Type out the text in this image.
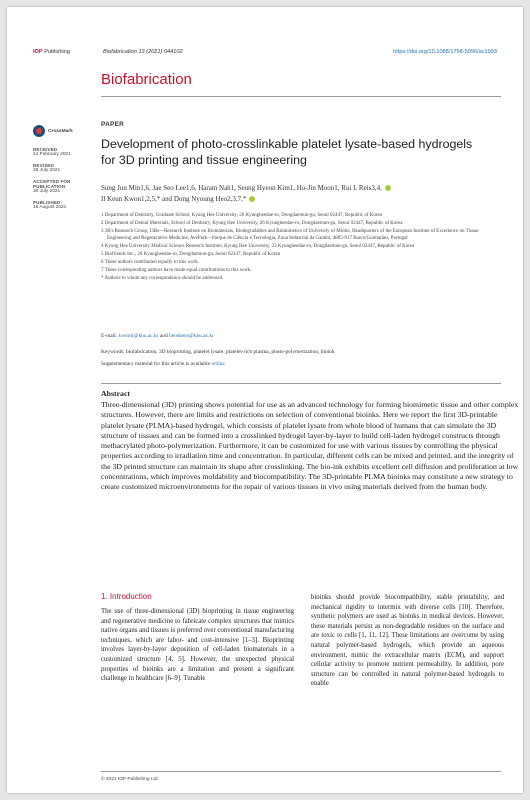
IOP Publishing	Biofabrication 13 (2021) 044102	https://doi.org/10.1088/1758-5090/ac1993
Biofabrication
CrossMark
RECEIVED
14 February 2021
REVISED
26 July 2021
ACCEPTED FOR PUBLICATION
30 July 2021
PUBLISHED
16 August 2021
PAPER
Development of photo-crosslinkable platelet lysate-based hydrogels for 3D printing and tissue engineering
Sung Jun Min1,6, Jae Seo Lee1,6, Haram Nah1, Seung Hyeon Kim1, Ho-Jin Moon1, Rui L Reis3,4,
Il Keun Kwon1,2,5,* and Dong Nyoung Heo2,3,7,*

1 Department of Dentistry, Graduate School, Kyung Hee University, 26 Kyungheedae-ro, Dongdaemun-gu, Seoul 02447, Republic of Korea

2 Department of Dental Materials, School of Dentistry, Kyung Hee University, 26 Kyungheedae-ro, Dongdaemun-gu, Seoul 02447, Republic of Korea

3 3B's Research Group, I3Bs—Research Institute on Biomaterials, Biodegradables and Biomimetics of University of Minho, Headquarters of the European Institute of Excellence on Tissue Engineering and Regenerative Medicine, AvePark—Parque de Ciência e Tecnologia, Zona Industrial da Gandra, 4805-017 Barco/Guimarães, Portugal

4 Kyung Hee University Medical Science Research Institute, Kyung Hee University, 23 Kyungheedae-ro, Dongdaemun-gu, Seoul 02447, Republic of Korea

5 Biofriends Inc., 26 Kyungheedae-ro, Dongdaemun-gu, Seoul 02447, Republic of Korea

6 These authors contributed equally to this work.

7 These corresponding authors have made equal contributions to this work.

* Authors to whom any correspondence should be addressed.

E-mail: kwonil@khu.ac.kr and heodsens@khu.ac.kr
Keywords: biofabrication, 3D bioprinting, platelet lysate, platelet-rich plasma, photo-polymerization, bioink
Supplementary material for this article is available online
Abstract
Three-dimensional (3D) printing shows potential for use as an advanced technology for forming biomimetic tissue and other complex structures. However, there are limits and restrictions on selection of conventional bioinks. Here we report the first 3D-printable platelet lysate (PLMA)-based hydrogel, which consists of platelet lysate from whole blood of humans that can simulate the 3D structure of tissues and can be formed into a crosslinked hydrogel layer-by-layer to build cell-laden hydrogel constructs through methacrylated photo-polymerization. Furthermore, it can be customized for use with various tissues by controlling the physical properties according to irradiation time and concentration. In particular, different cells can be mixed and printed, and the integrity of the 3D printed structure can maintain its shape after crosslinking. The bio-ink exhibits excellent cell diffusion and proliferation at low concentrations, which improves moldability and biocompatibility. The 3D-printable PLMA bioinks may constitute a new strategy to create customized microenvironments for the repair of various tissues in vivo using materials derived from the human body.
1. Introduction
The use of three-dimensional (3D) bioprinting in tissue engineering and regenerative medicine to fabricate complex structures that mimics native organs and tissues is preferred over conventional manufacturing techniques, which are labor- and cost-intensive [1–3]. Bioprinting involves layer-by-layer deposition of cell-laden biomaterials in a customized structure [4, 5]. However, the unexpected physical properties of bioinks are a limitation and present a significant challenge in healthcare [6–9]. Tunable
bioinks should provide biocompatibility, stable printability, and mechanical rigidity to intermix with diverse cells [10]. Therefore, synthetic polymers are used as bioinks in medical devices. However, these materials persist as non-degradable residues on the surface and are toxic to cells [1, 11, 12]. These limitations are overcome by using natural polymer-based hydrogels, which provide an aqueous environment, mimic the extracellular matrix (ECM), and support cellular activity to promote nutrient permeability. In addition, pore structure can be controlled in natural polymer-based hydrogels to enable
© 2021 IOP Publishing Ltd
